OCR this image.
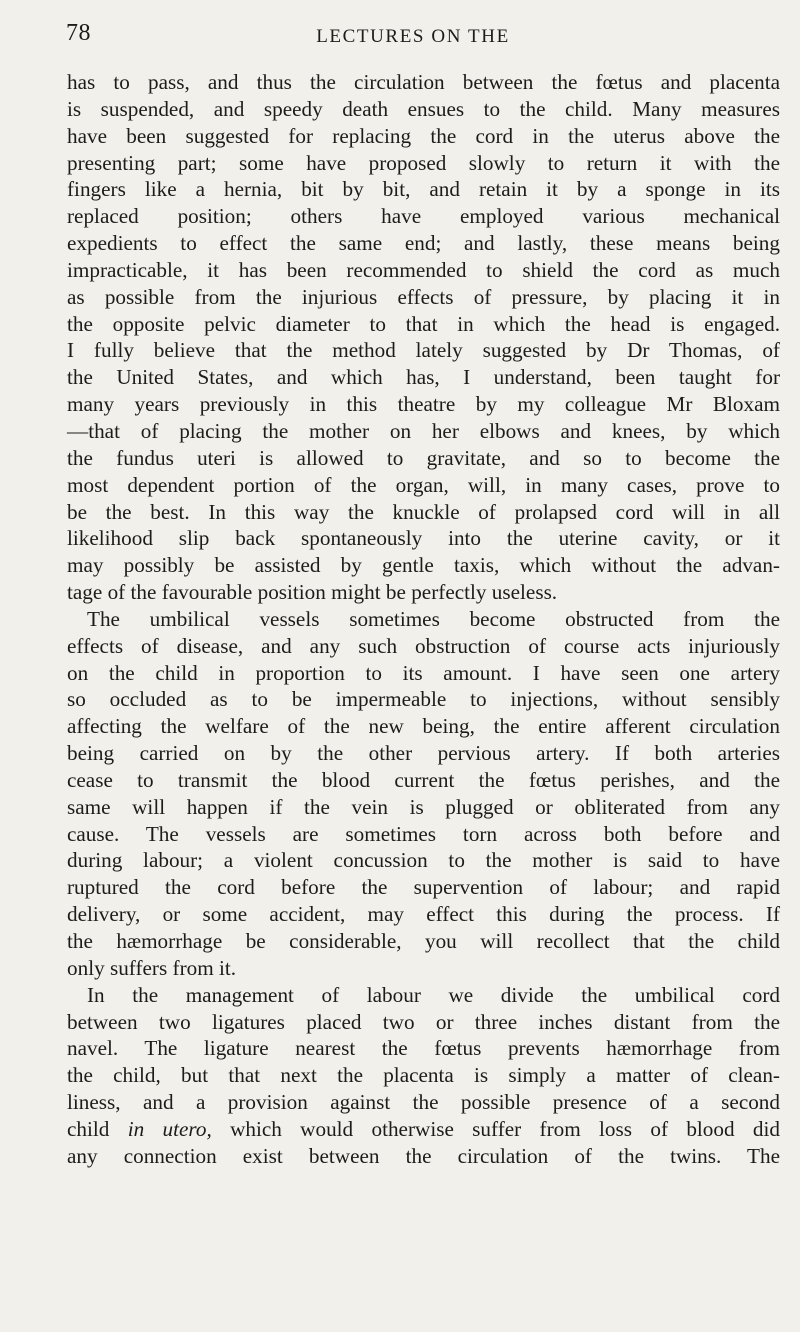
78	LECTURES ON THE
has to pass, and thus the circulation between the fœtus and placenta
is suspended, and speedy death ensues to the child. Many measures
have been suggested for replacing the cord in the uterus above the
presenting part; some have proposed slowly to return it with the
fingers like a hernia, bit by bit, and retain it by a sponge in its
replaced position; others have employed various mechanical
expedients to effect the same end; and lastly, these means being
impracticable, it has been recommended to shield the cord as much
as possible from the injurious effects of pressure, by placing it in
the opposite pelvic diameter to that in which the head is engaged.
I fully believe that the method lately suggested by Dr Thomas, of
the United States, and which has, I understand, been taught for
many years previously in this theatre by my colleague Mr Bloxam
—that of placing the mother on her elbows and knees, by which
the fundus uteri is allowed to gravitate, and so to become the
most dependent portion of the organ, will, in many cases, prove to
be the best. In this way the knuckle of prolapsed cord will in all
likelihood slip back spontaneously into the uterine cavity, or it
may possibly be assisted by gentle taxis, which without the advan-
tage of the favourable position might be perfectly useless.
The umbilical vessels sometimes become obstructed from the
effects of disease, and any such obstruction of course acts injuriously
on the child in proportion to its amount. I have seen one artery
so occluded as to be impermeable to injections, without sensibly
affecting the welfare of the new being, the entire afferent circulation
being carried on by the other pervious artery. If both arteries
cease to transmit the blood current the fœtus perishes, and the
same will happen if the vein is plugged or obliterated from any
cause. The vessels are sometimes torn across both before and
during labour; a violent concussion to the mother is said to have
ruptured the cord before the supervention of labour; and rapid
delivery, or some accident, may effect this during the process. If
the hæmorrhage be considerable, you will recollect that the child
only suffers from it.
In the management of labour we divide the umbilical cord
between two ligatures placed two or three inches distant from the
navel. The ligature nearest the fœtus prevents hæmorrhage from
the child, but that next the placenta is simply a matter of clean-
liness, and a provision against the possible presence of a second
child in utero, which would otherwise suffer from loss of blood did
any connection exist between the circulation of the twins. The
